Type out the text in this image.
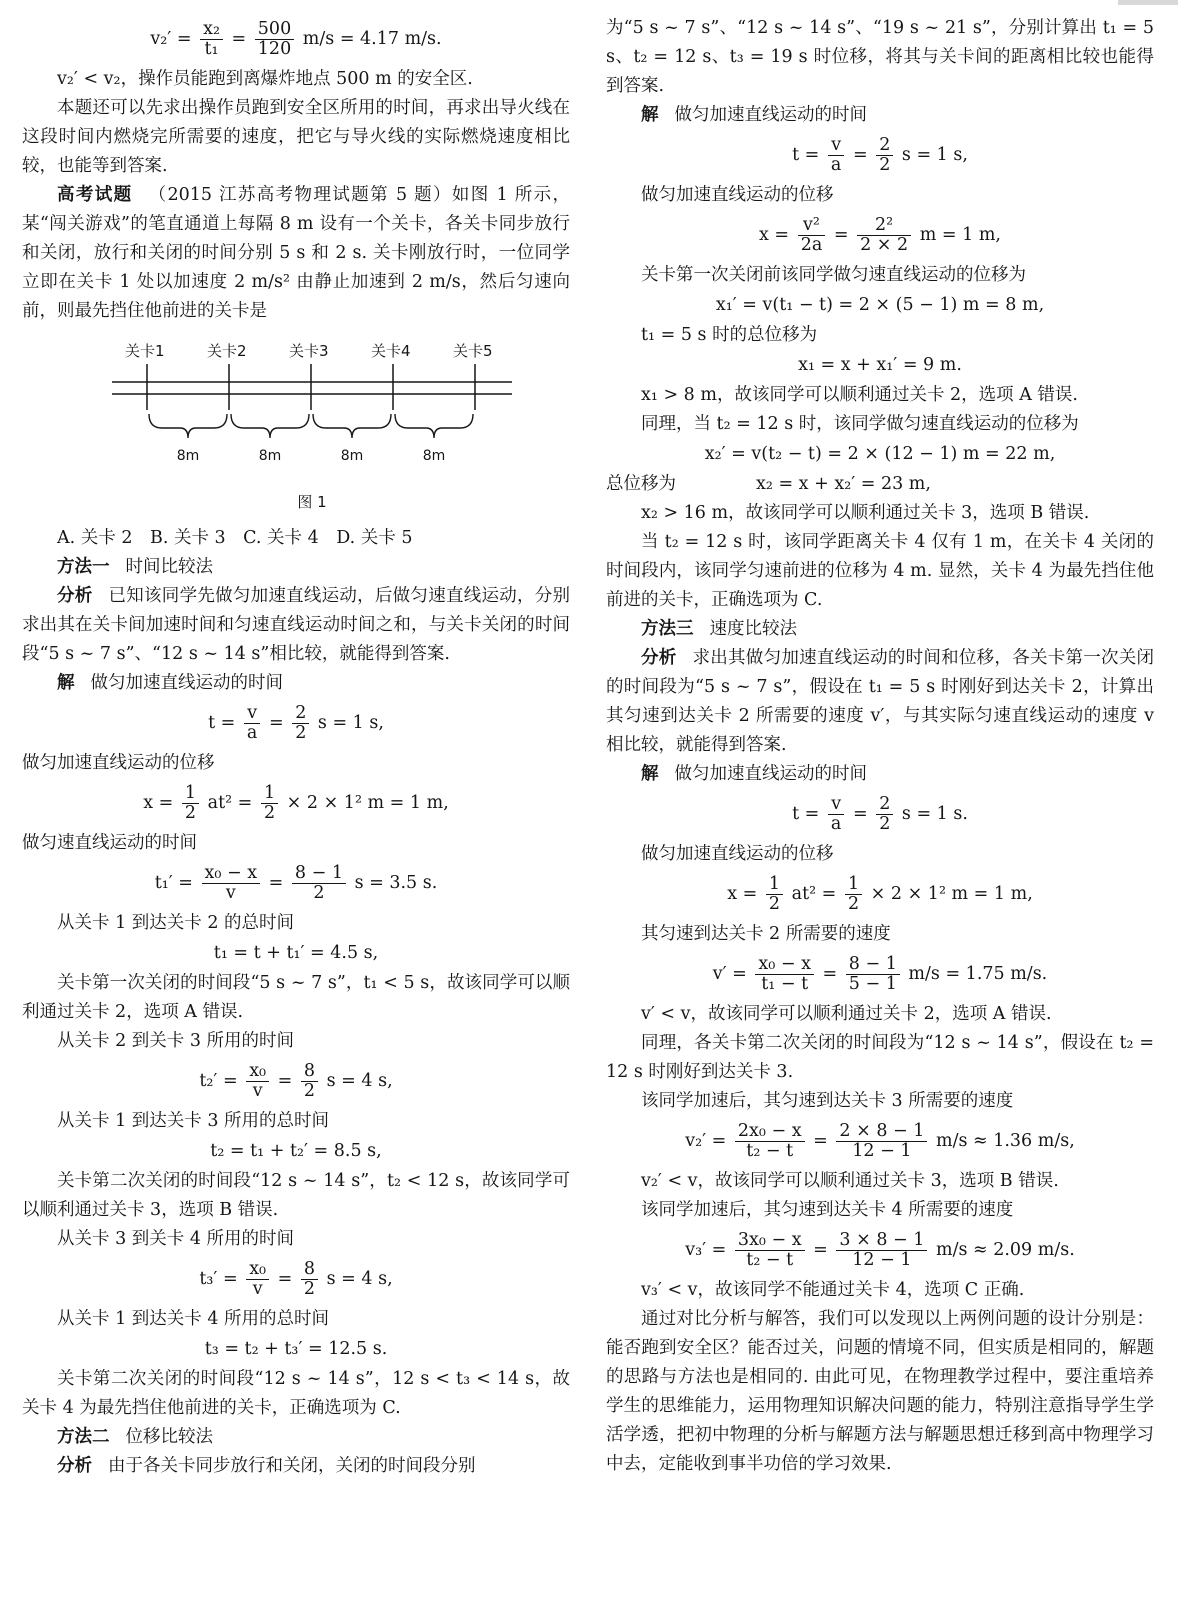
$v_2' = \frac{\text{x₂}}{\text{t₁}} = \frac{500}{120} m/s = 4.17$ m/s.

v₂′ < v₂，操作员能跑到离爆炸地点 500 m 的安全区.

本题还可以先求出操作员跑到安全区所用的时间，再求出导火线在这段时间内燃烧完所需要的速度，把它与导火线的实际燃烧速度相比较，也能等到答案.

高考试题 （2015 江苏高考物理试题第 5 题）如图 1 所示，某“闯关游戏”的笔直通道上每隔 8 m 设有一个关卡，各关卡同步放行和关闭，放行和关闭的时间分别 5 s 和 2 s. 关卡刚放行时，一位同学立即在关卡 1 处以加速度 2 m/s² 由静止加速到 2 m/s，然后匀速向前，则最先挡住他前进的关卡是

关卡1	关卡2	关卡3	关卡4	关卡5
8m	8m	8m	8m
图 1

A. 关卡 2　B. 关卡 3　C. 关卡 4　D. 关卡 5

方法一 时间比较法

分析 已知该同学先做匀加速直线运动，后做匀速直线运动，分别求出其在关卡间加速时间和匀速直线运动时间之和，与关卡关闭的时间段“5 s ~ 7 s”、“12 s ~ 14 s”相比较，就能得到答案.

解 做匀加速直线运动的时间

$t = \frac{v}{a} = \frac{2}{2}$ s = 1 s,

做匀加速直线运动的位移

$x = \frac{1}{2} at^2 = \frac{1}{2} \times 2 \times 1^2$ m = 1 m,

做匀速直线运动的时间

$t_1' = \frac{\text{x₀ − x}}{v} = \frac{8 - 1}{2}$ s = 3.5 s.

从关卡 1 到达关卡 2 的总时间

t₁ = t + t₁′ = 4.5 s,

关卡第一次关闭的时间段“5 s ~ 7 s”，t₁ < 5 s，故该同学可以顺利通过关卡 2，选项 A 错误.

从关卡 2 到关卡 3 所用的时间

$t_2' = \frac{\text{x₀}}{v} = \frac{8}{2}$ s = 4 s,

从关卡 1 到达关卡 3 所用的总时间

t₂ = t₁ + t₂′ = 8.5 s,

关卡第二次关闭的时间段“12 s ~ 14 s”，t₂ < 12 s，故该同学可以顺利通过关卡 3，选项 B 错误.

从关卡 3 到关卡 4 所用的时间

$t_3' = \frac{\text{x₀}}{v} = \frac{8}{2}$ s = 4 s,

从关卡 1 到达关卡 4 所用的总时间

t₃ = t₂ + t₃′ = 12.5 s.

关卡第二次关闭的时间段“12 s ~ 14 s”，12 s < t₃ < 14 s，故关卡 4 为最先挡住他前进的关卡，正确选项为 C.

方法二 位移比较法

分析 由于各关卡同步放行和关闭，关闭的时间段分别

为“5 s ~ 7 s”、“12 s ~ 14 s”、“19 s ~ 21 s”，分别计算出 t₁ = 5 s、t₂ = 12 s、t₃ = 19 s 时位移，将其与关卡间的距离相比较也能得到答案.

解 做匀加速直线运动的时间

$t = \frac{v}{a} = \frac{2}{2}$ s = 1 s,

做匀加速直线运动的位移

$x = \frac{\text{v²}}{2a} = \frac{\text{2²}}{2 \times 2}$ m = 1 m,

关卡第一次关闭前该同学做匀速直线运动的位移为

x₁′ = v(t₁ − t) = 2 × (5 − 1) m = 8 m,

t₁ = 5 s 时的总位移为

x₁ = x + x₁′ = 9 m.

x₁ > 8 m，故该同学可以顺利通过关卡 2，选项 A 错误.

同理，当 t₂ = 12 s 时，该同学做匀速直线运动的位移为

x₂′ = v(t₂ − t) = 2 × (12 − 1) m = 22 m,

总位移为	x₂ = x + x₂′ = 23 m,

x₂ > 16 m，故该同学可以顺利通过关卡 3，选项 B 错误.

当 t₂ = 12 s 时，该同学距离关卡 4 仅有 1 m，在关卡 4 关闭的时间段内，该同学匀速前进的位移为 4 m. 显然，关卡 4 为最先挡住他前进的关卡，正确选项为 C.

方法三 速度比较法

分析 求出其做匀加速直线运动的时间和位移，各关卡第一次关闭的时间段为“5 s ~ 7 s”，假设在 t₁ = 5 s 时刚好到达关卡 2，计算出其匀速到达关卡 2 所需要的速度 v′，与其实际匀速直线运动的速度 v 相比较，就能得到答案.

解 做匀加速直线运动的时间

$t = \frac{v}{a} = \frac{2}{2}$ s = 1 s.

做匀加速直线运动的位移

$x = \frac{1}{2} at^2 = \frac{1}{2} \times 2 \times 1^2$ m = 1 m,

其匀速到达关卡 2 所需要的速度

$v' = \frac{\text{x₀ − x}}{\text{t₁ − t}} = \frac{8 - 1}{5 - 1} m/s = 1.75$ m/s.

v′ < v，故该同学可以顺利通过关卡 2，选项 A 错误.

同理，各关卡第二次关闭的时间段为“12 s ~ 14 s”，假设在 t₂ = 12 s 时刚好到达关卡 3.

该同学加速后，其匀速到达关卡 3 所需要的速度

$v_2' = \frac{\text{2x₀ − x}}{\text{t₂ − t}} = \frac{2 \times 8 - 1}{12 - 1} m/s \approx 1.36$ m/s,

v₂′ < v，故该同学可以顺利通过关卡 3，选项 B 错误.

该同学加速后，其匀速到达关卡 4 所需要的速度

$v_3' = \frac{\text{3x₀ − x}}{\text{t₂ − t}} = \frac{3 \times 8 - 1}{12 - 1} m/s \approx 2.09$ m/s.

v₃′ < v，故该同学不能通过关卡 4，选项 C 正确.

通过对比分析与解答，我们可以发现以上两例问题的设计分别是：能否跑到安全区？能否过关，问题的情境不同，但实质是相同的，解题的思路与方法也是相同的. 由此可见，在物理教学过程中，要注重培养学生的思维能力，运用物理知识解决问题的能力，特别注意指导学生学活学透，把初中物理的分析与解题方法与解题思想迁移到高中物理学习中去，定能收到事半功倍的学习效果.
